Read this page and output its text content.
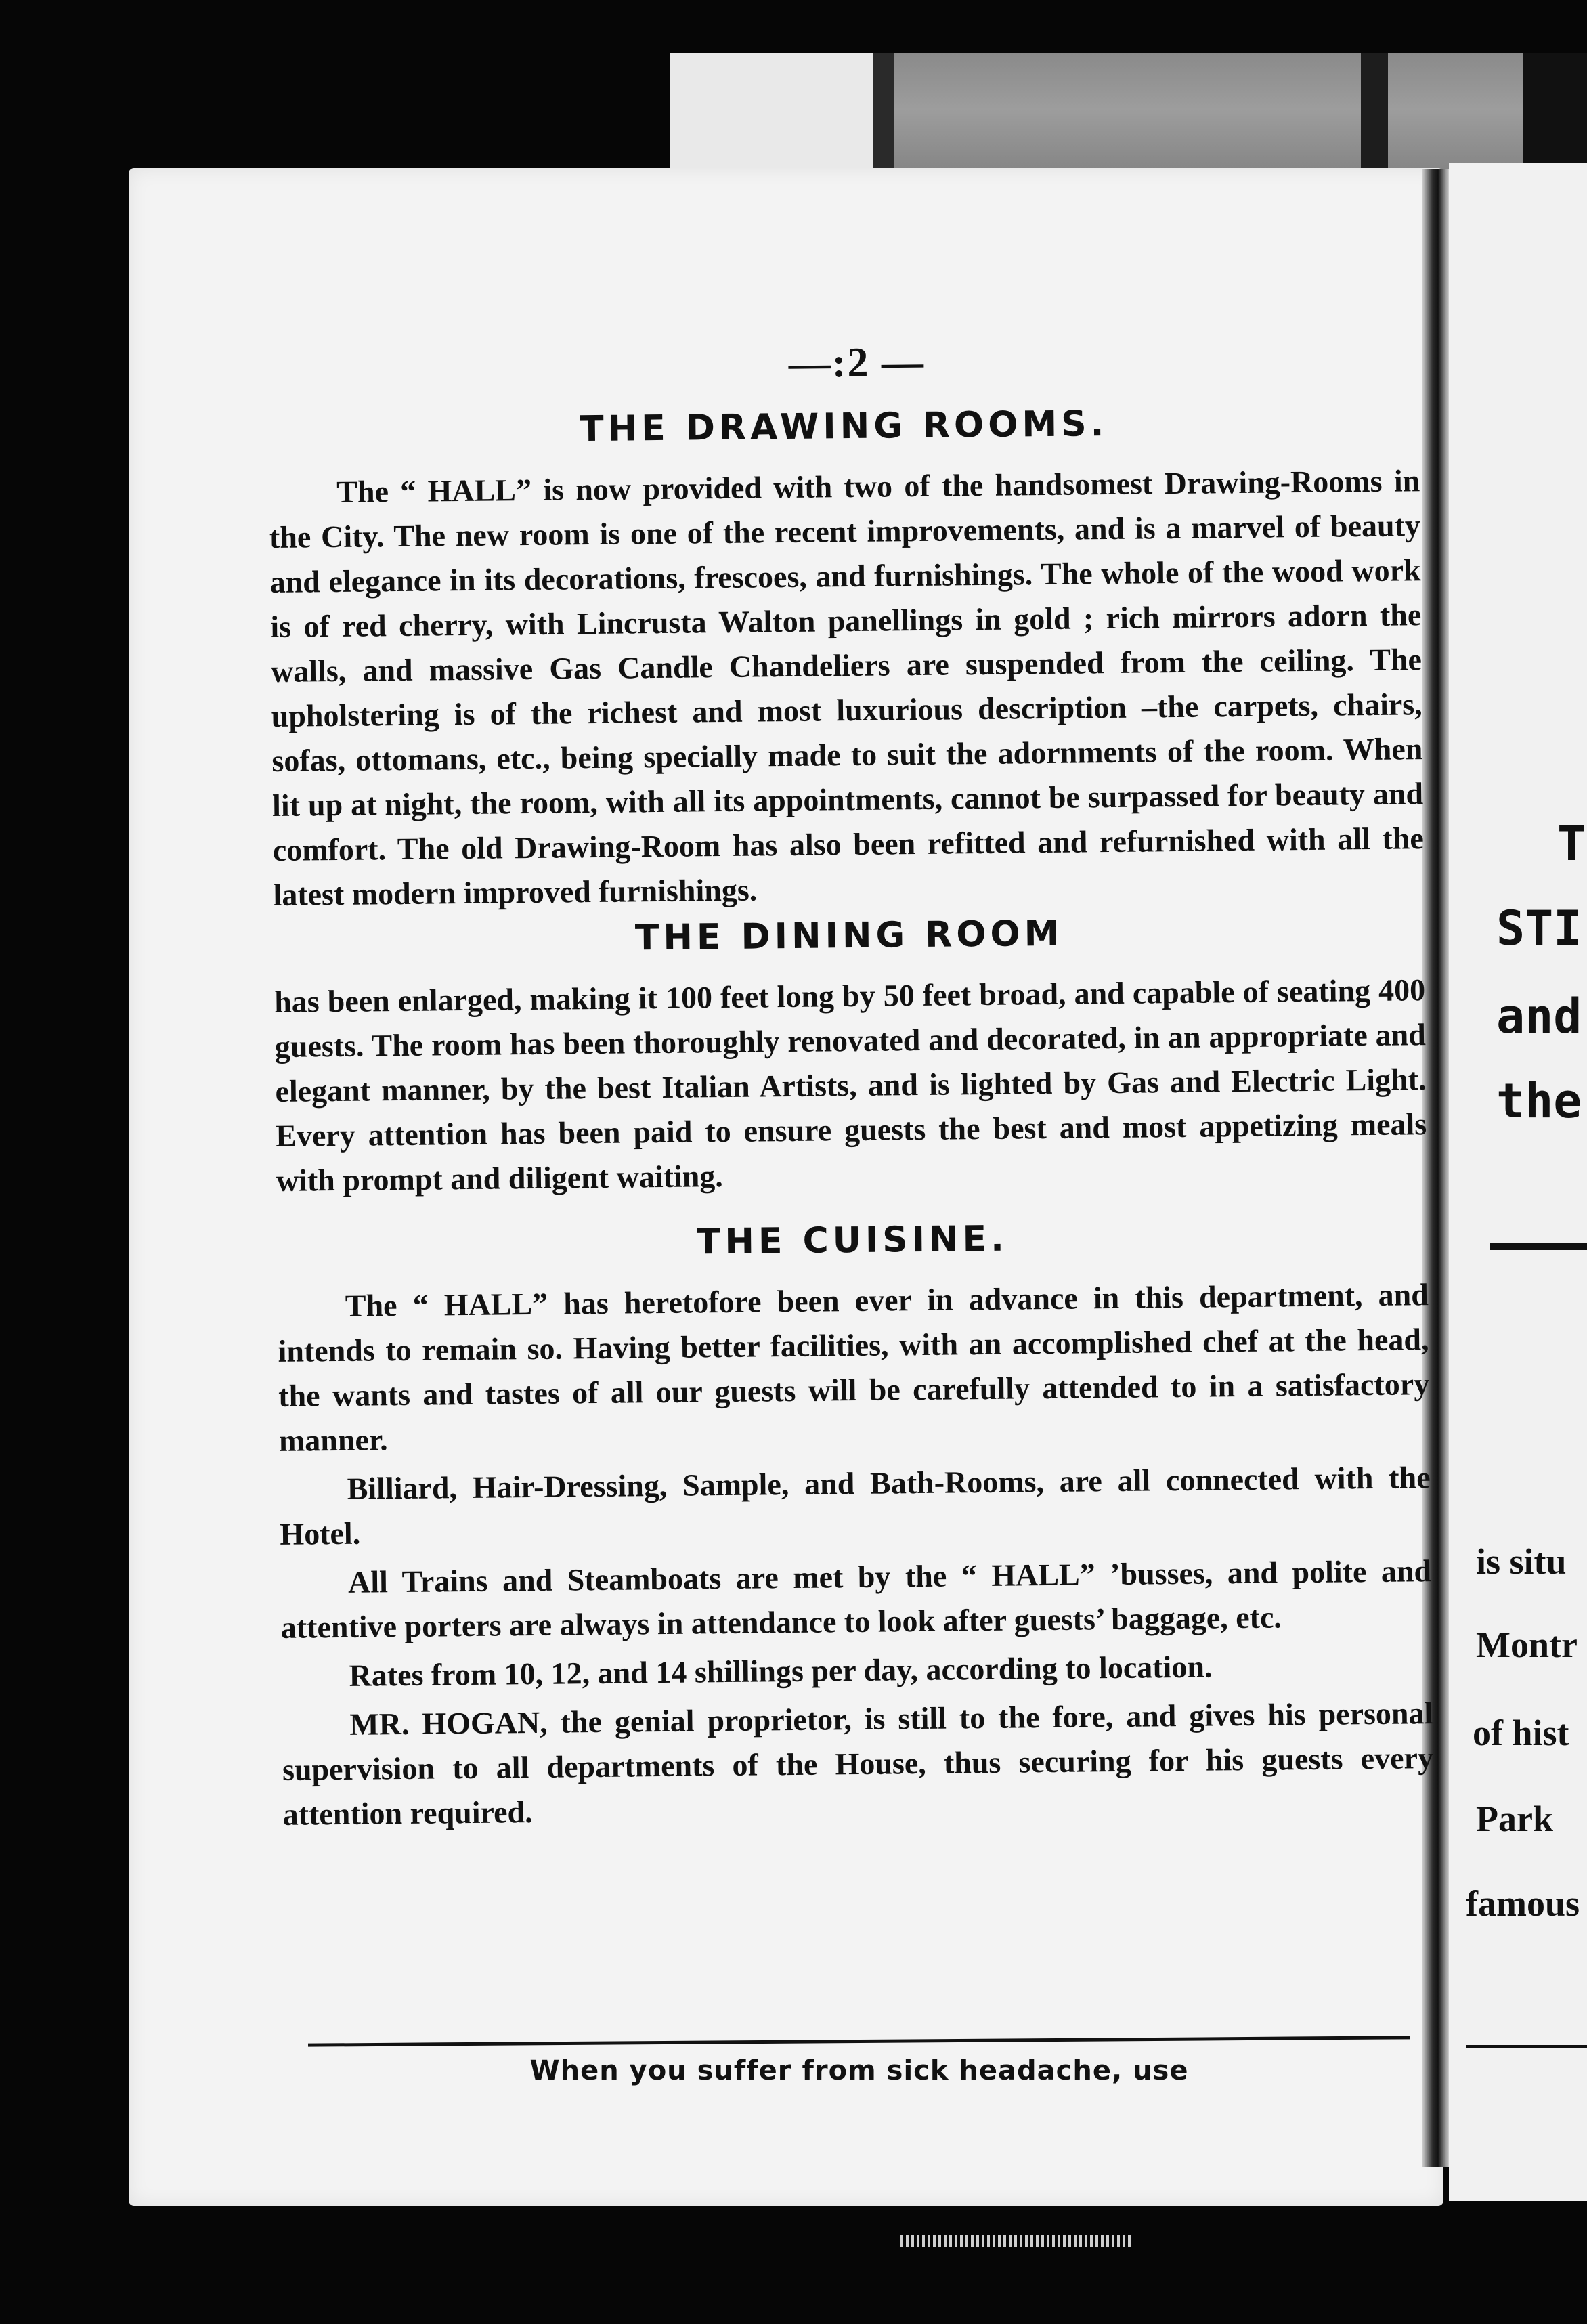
T
STI
and
the
is situ
Montr
of hist
Park
famous
—:2 —
THE DRAWING ROOMS.

The “ HALL” is now provided with two of the handsomest Drawing-Rooms in the City. The new room is one of the recent improvements, and is a marvel of beauty and elegance in its decorations, frescoes, and furnishings. The whole of the wood work is of red cherry, with Lincrusta Walton panellings in gold ; rich mirrors adorn the walls, and massive Gas Candle Chandeliers are suspended from the ceiling. The upholstering is of the richest and most luxurious description –the carpets, chairs, sofas, ottomans, etc., being specially made to suit the adornments of the room. When lit up at night, the room, with all its appointments, cannot be surpassed for beauty and comfort. The old Drawing-Room has also been refitted and refurnished with all the latest modern improved furnishings.

THE DINING ROOM

has been enlarged, making it 100 feet long by 50 feet broad, and capable of seating 400 guests. The room has been thoroughly renovated and decorated, in an appropriate and elegant manner, by the best Italian Artists, and is lighted by Gas and Electric Light. Every attention has been paid to ensure guests the best and most appetizing meals with prompt and diligent waiting.

THE CUISINE.

The “ HALL” has heretofore been ever in advance in this department, and intends to remain so. Having better facilities, with an accomplished chef at the head, the wants and tastes of all our guests will be carefully attended to in a satisfactory manner.

Billiard, Hair-Dressing, Sample, and Bath-Rooms, are all connected with the Hotel.

All Trains and Steamboats are met by the “ HALL” ’busses, and polite and attentive porters are always in attendance to look after guests’ baggage, etc.

Rates from 10, 12, and 14 shillings per day, according to location.

MR. HOGAN, the genial proprietor, is still to the fore, and gives his personal supervision to all departments of the House, thus securing for his guests every attention required.

When you suffer from sick headache, use
